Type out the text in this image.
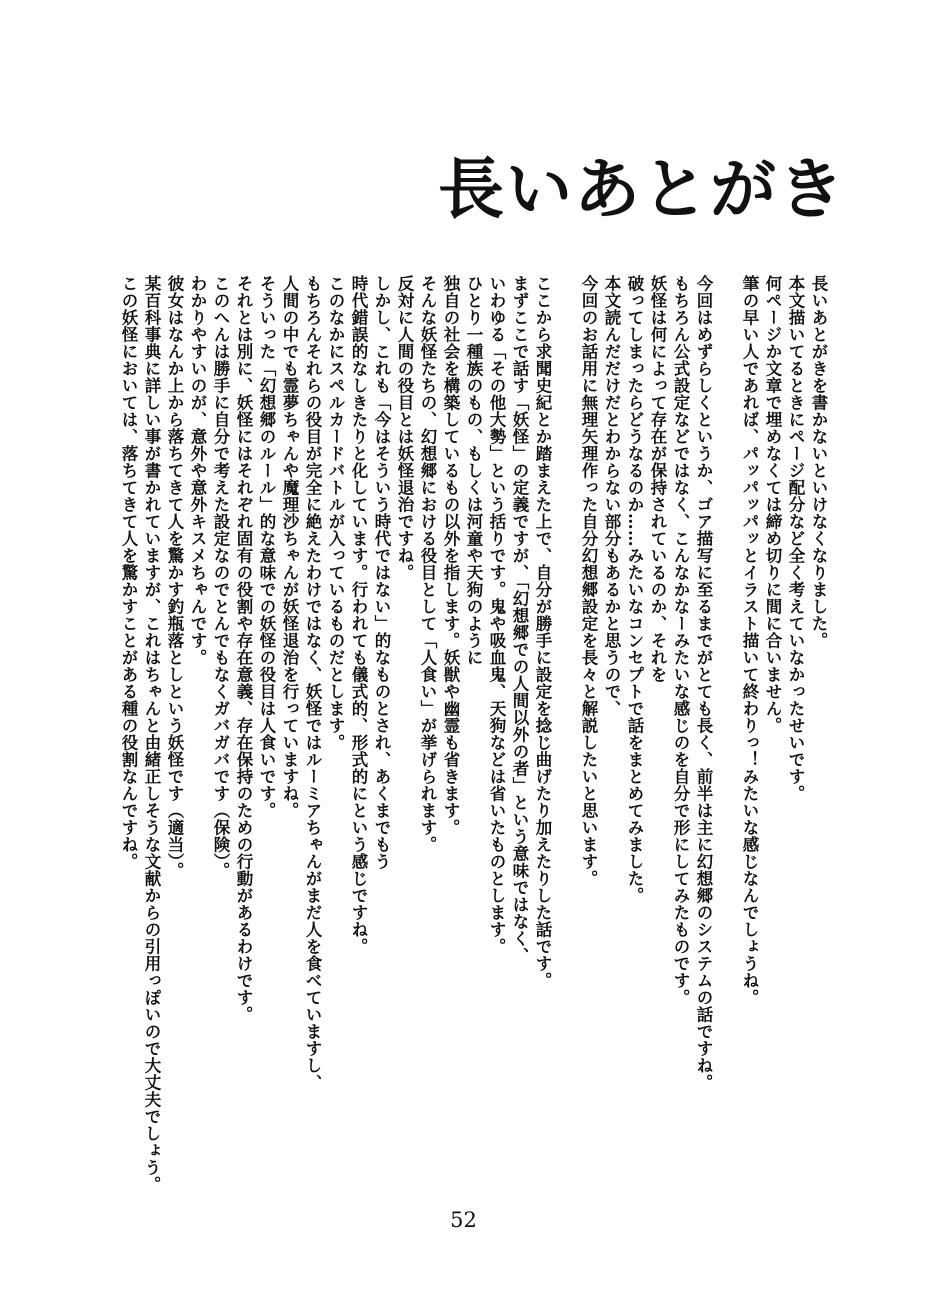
長いあとがき
長いあとがきを書かないといけなくなりました。
本文描いてるときにページ配分など全く考えていなかったせいです。
何ページか文章で埋めなくては締め切りに間に合いません。
筆の早い人であれば、パッパッパッとイラスト描いて終わりっ！みたいな感じなんでしょうね。
今回はめずらしくというか、ゴア描写に至るまでがとても長く、前半は主に幻想郷のシステムの話ですね。
もちろん公式設定などではなく、こんなかなーみたいな感じのを自分で形にしてみたものです。
妖怪は何によって存在が保持されているのか、それを
破ってしまったらどうなるのか……みたいなコンセプトで話をまとめてみました。
本文読んだだけだとわからない部分もあるかと思うので、
今回のお話用に無理矢理作った自分幻想郷設定を長々と解説したいと思います。
ここから求聞史紀とか踏まえた上で、自分が勝手に設定を捻じ曲げたり加えたりした話です。
まずここで話す「妖怪」の定義ですが、「幻想郷での人間以外の者」という意味ではなく、
いわゆる「その他大勢」という括りです。鬼や吸血鬼、天狗などは省いたものとします。
ひとり一種族のもの、もしくは河童や天狗のように
独自の社会を構築しているもの以外を指します。妖獣や幽霊も省きます。
そんな妖怪たちの、幻想郷における役目として「人食い」が挙げられます。
反対に人間の役目とは妖怪退治ですね。
しかし、これも「今はそういう時代ではない」的なものとされ、あくまでもう
時代錯誤的なしきたりと化しています。行われても儀式的、形式的にという感じですね。
このなかにスペルカードバトルが入っているものだとします。
もちろんそれらの役目が完全に絶えたわけではなく、妖怪ではルーミアちゃんがまだ人を食べていますし、
人間の中でも霊夢ちゃんや魔理沙ちゃんが妖怪退治を行っていますね。
そういった「幻想郷のルール」的な意味での妖怪の役目は人食いです。
それとは別に、妖怪にはそれぞれ固有の役割や存在意義、存在保持のための行動があるわけです。
このへんは勝手に自分で考えた設定なのでとんでもなくガバガバです（保険）。
わかりやすいのが、意外や意外キスメちゃんです。
彼女はなんか上から落ちてきて人を驚かす釣瓶落としという妖怪です（適当）。
某百科事典に詳しい事が書かれていますが、これはちゃんと由緒正しそうな文献からの引用っぽいので大丈夫でしょう。
この妖怪においては、落ちてきて人を驚かすことがある種の役割なんですね。
52
